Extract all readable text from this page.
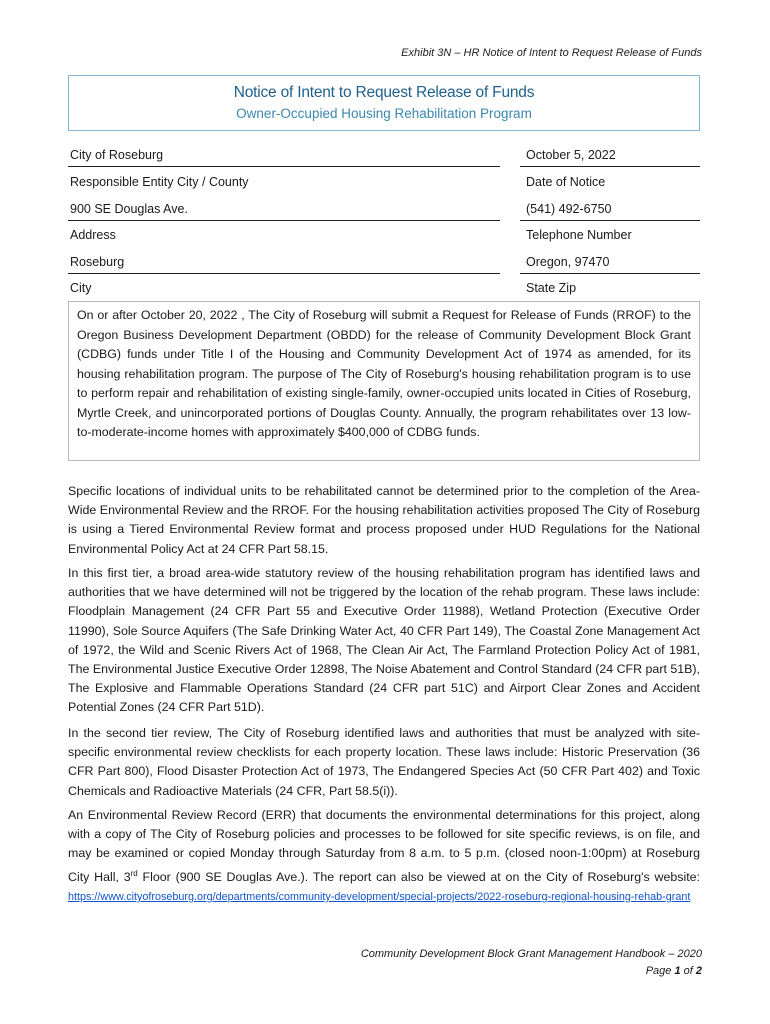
Exhibit 3N – HR Notice of Intent to Request Release of Funds
Notice of Intent to Request Release of Funds
Owner-Occupied Housing Rehabilitation Program
City of Roseburg	October 5, 2022
Responsible Entity City / County	Date of Notice
900 SE Douglas Ave.	(541) 492-6750
Address	Telephone Number
Roseburg	Oregon, 97470
City	State Zip
On or after October 20, 2022 , The City of Roseburg will submit a Request for Release of Funds (RROF) to the Oregon Business Development Department (OBDD) for the release of Community Development Block Grant (CDBG) funds under Title I of the Housing and Community Development Act of 1974 as amended, for its housing rehabilitation program. The purpose of The City of Roseburg's housing rehabilitation program is to use to perform repair and rehabilitation of existing single-family, owner-occupied units located in Cities of Roseburg, Myrtle Creek, and unincorporated portions of Douglas County. Annually, the program rehabilitates over 13 low- to-moderate-income homes with approximately $400,000 of CDBG funds.

Specific locations of individual units to be rehabilitated cannot be determined prior to the completion of the Area-Wide Environmental Review and the RROF. For the housing rehabilitation activities proposed The City of Roseburg is using a Tiered Environmental Review format and process proposed under HUD Regulations for the National Environmental Policy Act at 24 CFR Part 58.15.

In this first tier, a broad area-wide statutory review of the housing rehabilitation program has identified laws and authorities that we have determined will not be triggered by the location of the rehab program. These laws include: Floodplain Management (24 CFR Part 55 and Executive Order 11988), Wetland Protection (Executive Order 11990), Sole Source Aquifers (The Safe Drinking Water Act, 40 CFR Part 149), The Coastal Zone Management Act of 1972, the Wild and Scenic Rivers Act of 1968, The Clean Air Act, The Farmland Protection Policy Act of 1981, The Environmental Justice Executive Order 12898, The Noise Abatement and Control Standard (24 CFR part 51B), The Explosive and Flammable Operations Standard (24 CFR part 51C) and Airport Clear Zones and Accident Potential Zones (24 CFR Part 51D).

In the second tier review, The City of Roseburg identified laws and authorities that must be analyzed with site-specific environmental review checklists for each property location. These laws include: Historic Preservation (36 CFR Part 800), Flood Disaster Protection Act of 1973, The Endangered Species Act (50 CFR Part 402) and Toxic Chemicals and Radioactive Materials (24 CFR, Part 58.5(i)).

An Environmental Review Record (ERR) that documents the environmental determinations for this project, along with a copy of The City of Roseburg policies and processes to be followed for site specific reviews, is on file, and may be examined or copied Monday through Saturday from 8 a.m. to 5 p.m. (closed noon-1:00pm) at Roseburg City Hall, 3rd Floor (900 SE Douglas Ave.). The report can also be viewed at on the City of Roseburg's website: https://www.cityofroseburg.org/departments/community-development/special-projects/2022-roseburg-regional-housing-rehab-grant

Community Development Block Grant Management Handbook – 2020
Page 1 of 2
